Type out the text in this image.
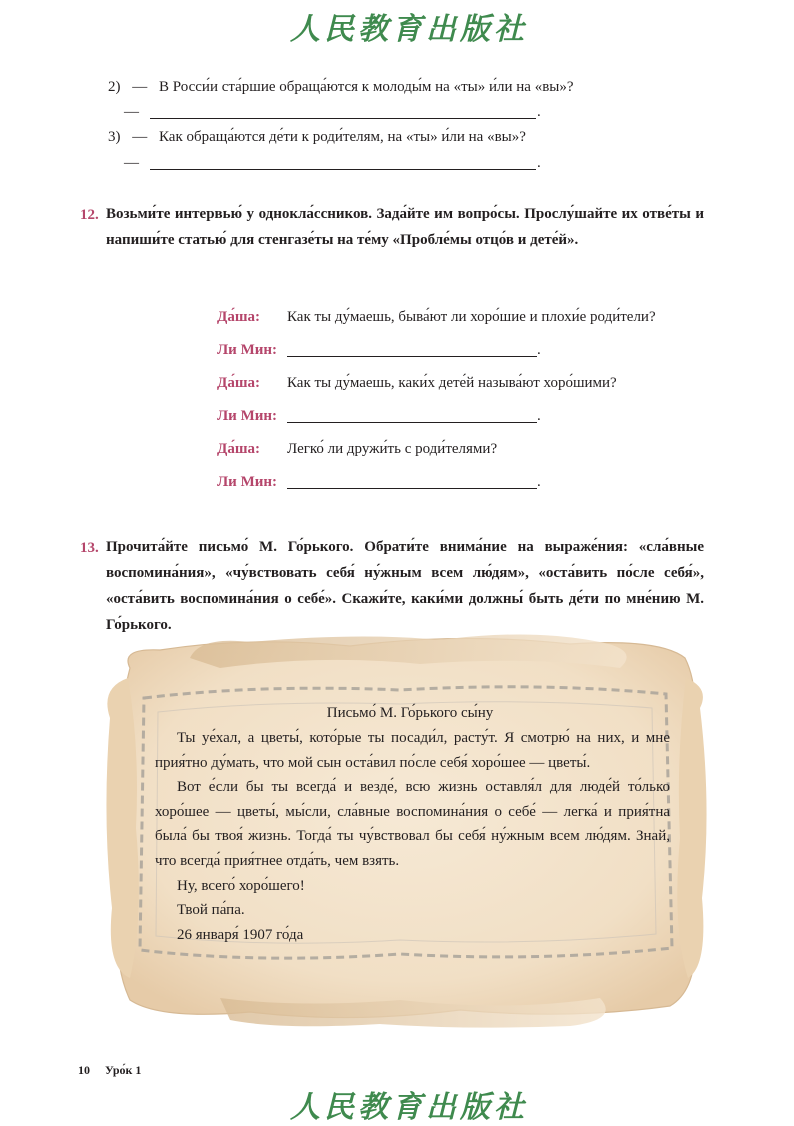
人民教育出版社
2) — В Росси́и ста́ршие обраща́ются к молоды́м на «ты» и́ли на «вы»?
—	.
3) — Как обраща́ются де́ти к роди́телям, на «ты» и́ли на «вы»?
—	.
12. Возьми́те интервью́ у однокла́ссников. Зада́йте им вопро́сы. Прослу́шайте их отве́ты и напиши́те статью́ для стенгазе́ты на те́му «Пробле́мы отцо́в и дете́й».
Да́ша: Как ты ду́маешь, быва́ют ли хоро́шие и плохи́е роди́тели?
Ли Мин:	.
Да́ша: Как ты ду́маешь, каки́х дете́й называ́ют хоро́шими?
Ли Мин:	.
Да́ша: Легко́ ли дружи́ть с роди́телями?
Ли Мин:	.
13. Прочита́йте письмо́ М. Го́рького. Обрати́те внима́ние на выраже́ния: «сла́вные воспомина́ния», «чу́вствовать себя́ ну́жным всем лю́дям», «оста́вить по́сле себя́», «оста́вить воспомина́ния о себе́». Скажи́те, каки́ми должны́ быть де́ти по мне́нию М. Го́рького.
Письмо́ М. Го́рького сы́ну

Ты уе́хал, а цветы́, кото́рые ты посади́л, расту́т. Я смотрю́ на них, и мне прия́тно ду́мать, что мой сын оста́вил по́сле себя́ хоро́шее — цветы́.

Вот е́сли бы ты всегда́ и везде́, всю жизнь оставля́л для люде́й то́лько хоро́шее — цветы́, мы́сли, сла́вные воспомина́ния о себе́ — легка́ и прия́тна была́ бы твоя́ жизнь. Тогда́ ты чу́вствовал бы себя́ ну́жным всем лю́дям. Знай, что всегда́ прия́тнее отда́ть, чем взять.

Ну, всего́ хоро́шего!

Твой па́па.

26 января́ 1907 го́да

10 Уро́к 1
人民教育出版社
